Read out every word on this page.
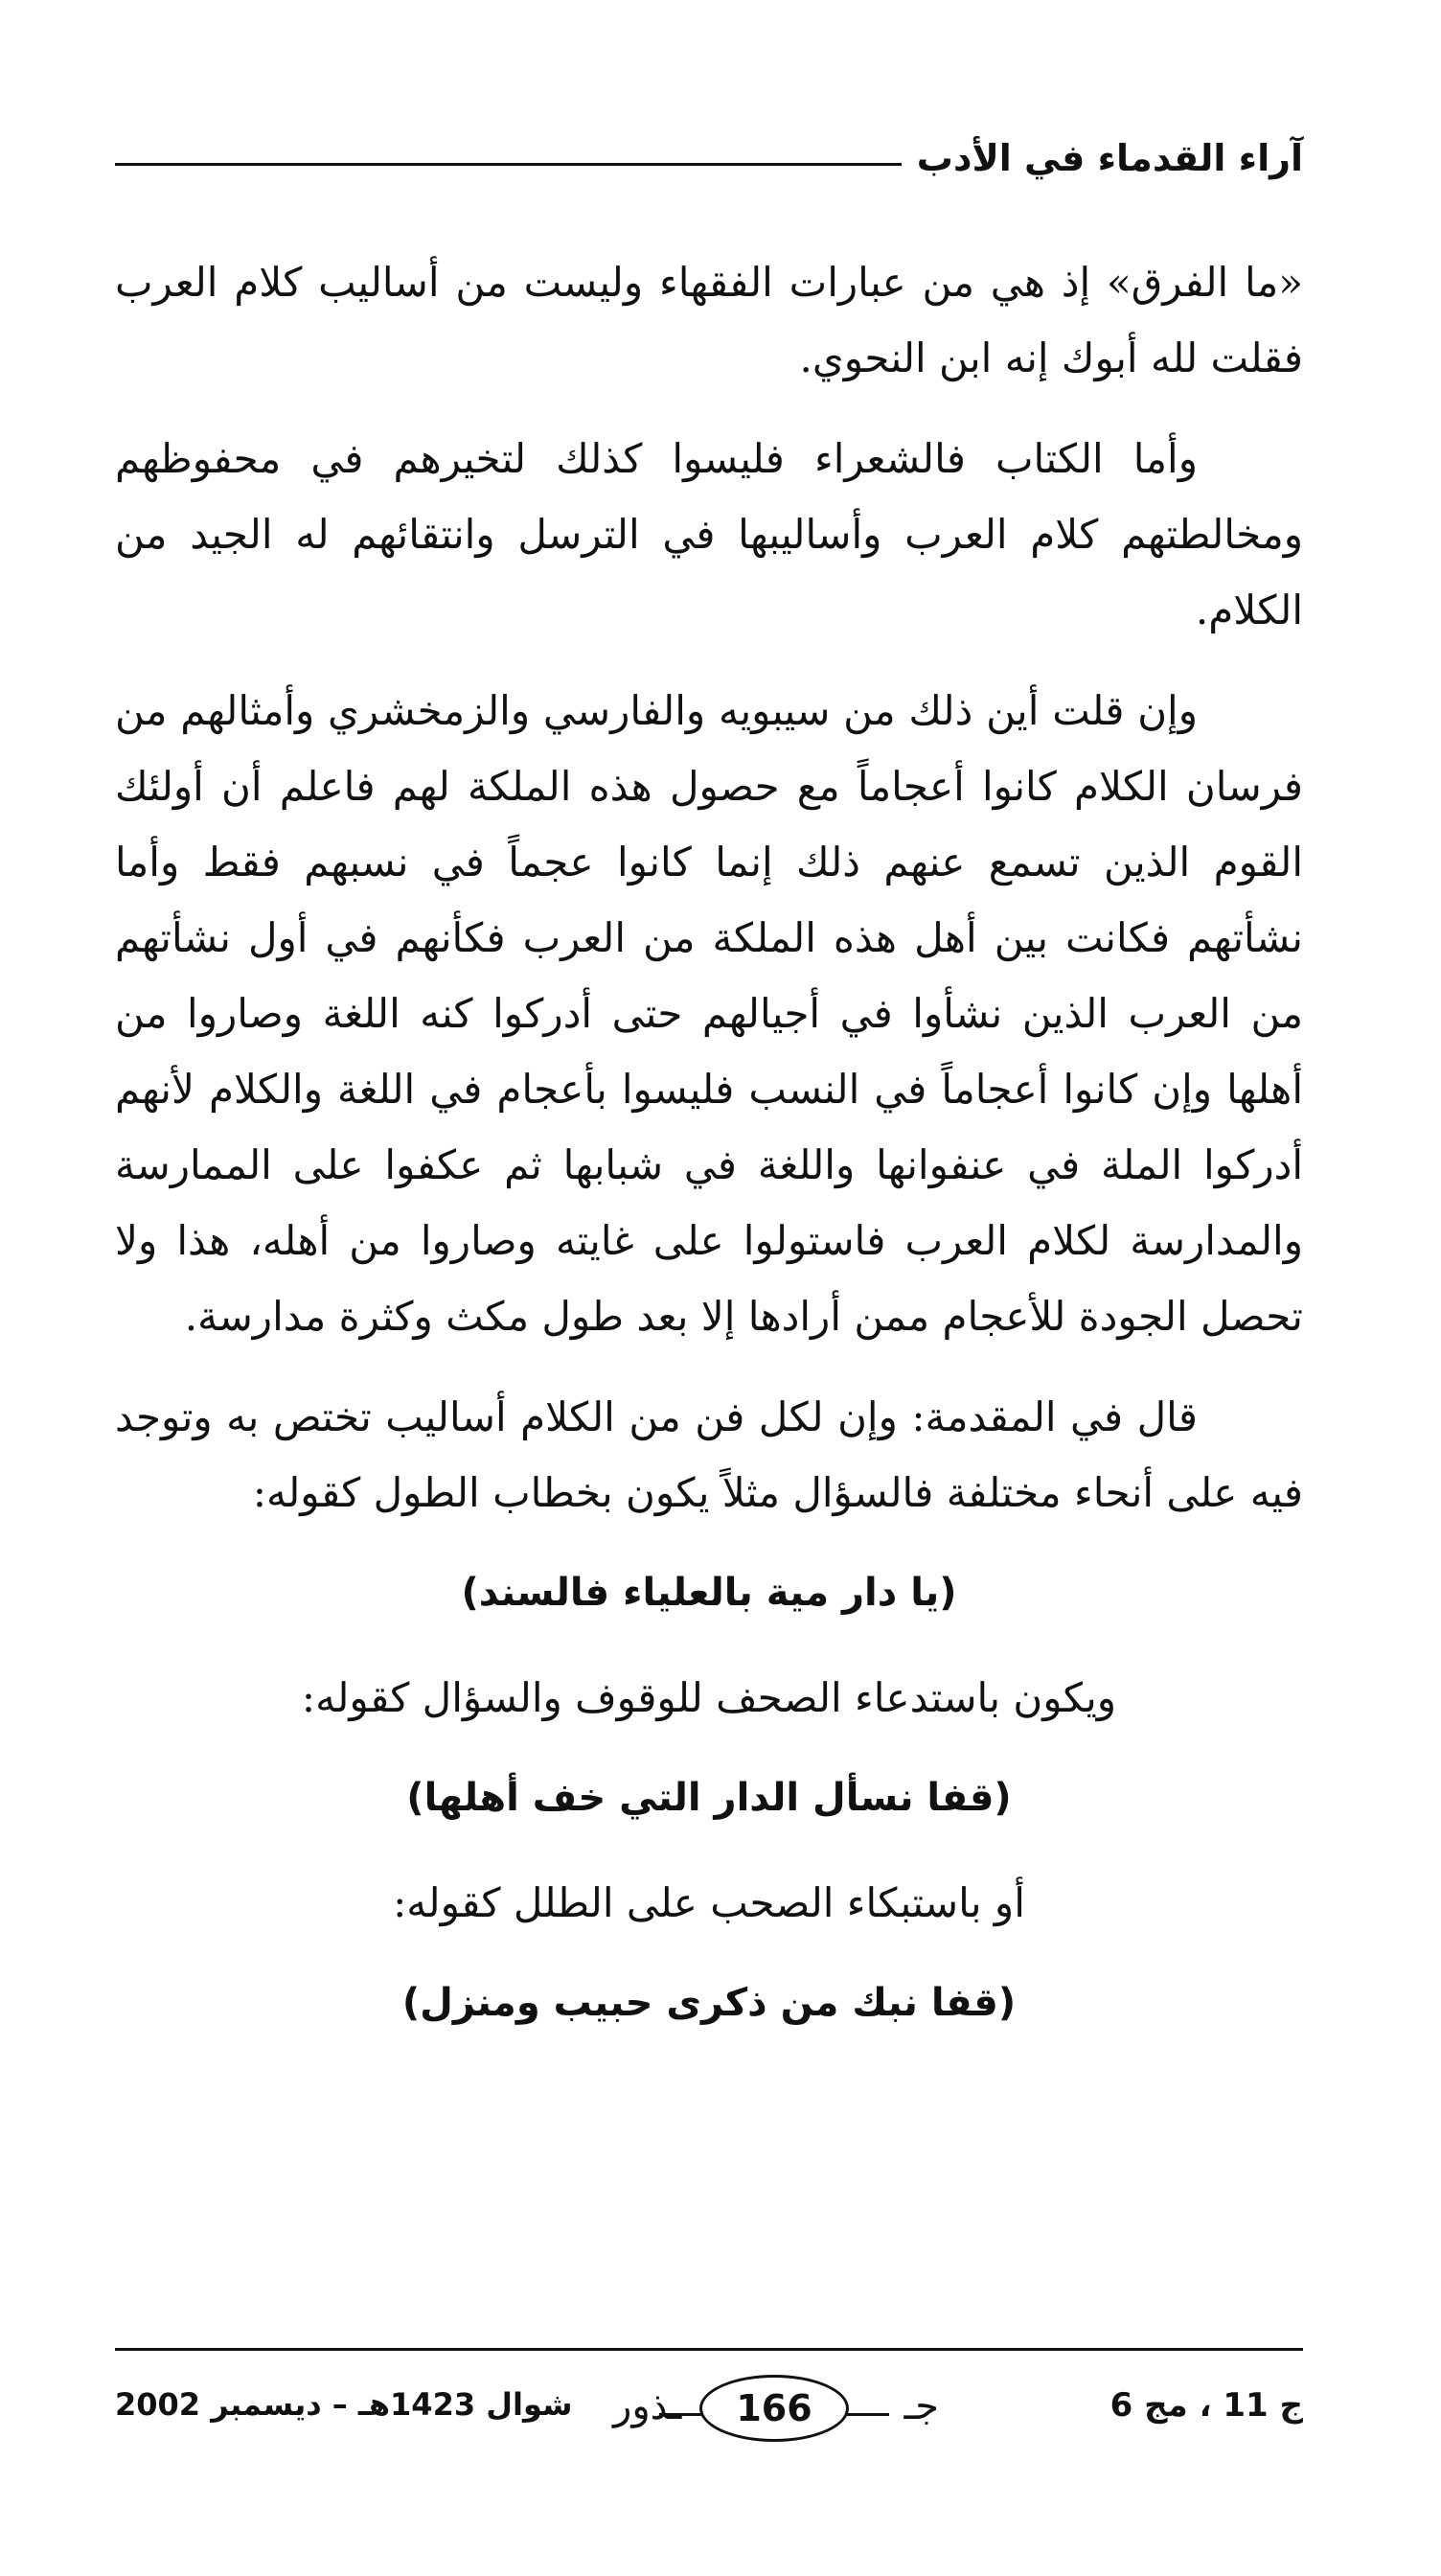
آراء القدماء في الأدب

«ما الفرق» إذ هي من عبارات الفقهاء وليست من أساليب كلام العرب فقلت لله أبوك إنه ابن النحوي.

وأما الكتاب فالشعراء فليسوا كذلك لتخيرهم في محفوظهم ومخالطتهم كلام العرب وأساليبها في الترسل وانتقائهم له الجيد من الكلام.

وإن قلت أين ذلك من سيبويه والفارسي والزمخشري وأمثالهم من فرسان الكلام كانوا أعجاماً مع حصول هذه الملكة لهم فاعلم أن أولئك القوم الذين تسمع عنهم ذلك إنما كانوا عجماً في نسبهم فقط وأما نشأتهم فكانت بين أهل هذه الملكة من العرب فكأنهم في أول نشأتهم من العرب الذين نشأوا في أجيالهم حتى أدركوا كنه اللغة وصاروا من أهلها وإن كانوا أعجاماً في النسب فليسوا بأعجام في اللغة والكلام لأنهم أدركوا الملة في عنفوانها واللغة في شبابها ثم عكفوا على الممارسة والمدارسة لكلام العرب فاستولوا على غايته وصاروا من أهله، هذا ولا تحصل الجودة للأعجام ممن أرادها إلا بعد طول مكث وكثرة مدارسة.

قال في المقدمة: وإن لكل فن من الكلام أساليب تختص به وتوجد فيه على أنحاء مختلفة فالسؤال مثلاً يكون بخطاب الطول كقوله:

(يا دار مية بالعلياء فالسند)

ويكون باستدعاء الصحف للوقوف والسؤال كقوله:

(قفا نسأل الدار التي خف أهلها)

أو باستبكاء الصحب على الطلل كقوله:

(قفا نبك من ذكرى حبيب ومنزل)

ج 11 ، مج 6
جـ
166
ـذور
شوال 1423هـ – ديسمبر 2002
